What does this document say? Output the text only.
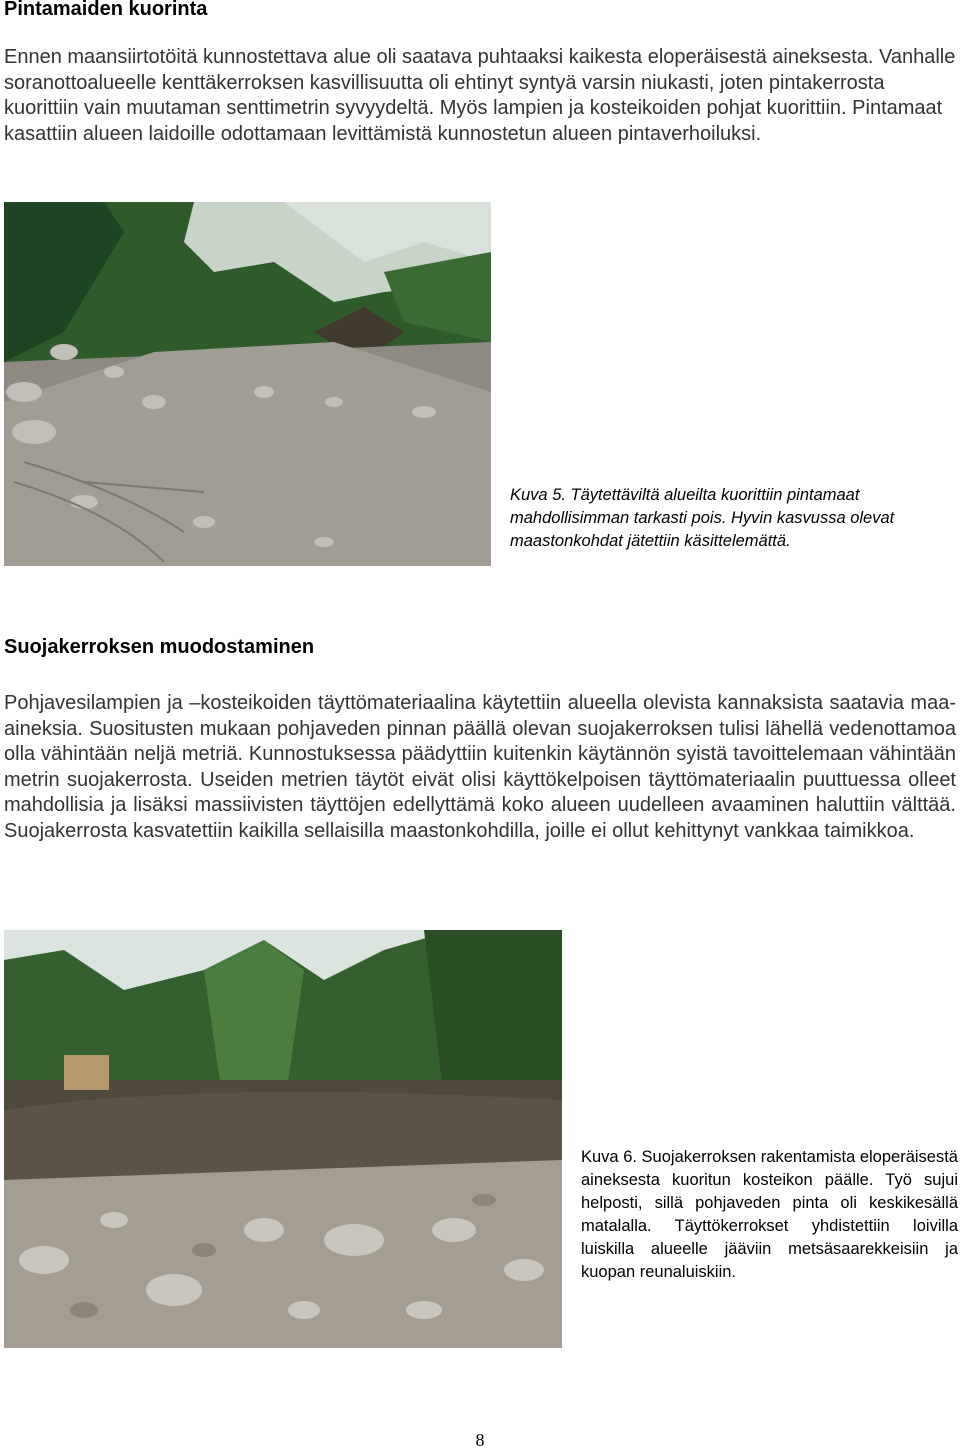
Pintamaiden kuorinta

Ennen maansiirtotöitä kunnostettava alue oli saatava puhtaaksi kaikesta eloperäisestä aineksesta. Vanhalle soranottoalueelle kenttäkerroksen kasvillisuutta oli ehtinyt syntyä varsin niukasti, joten pintakerrosta kuorittiin vain muutaman senttimetrin syvyydeltä. Myös lampien ja kosteikoiden pohjat kuorittiin. Pintamaat kasattiin alueen laidoille odottamaan levittämistä kunnostetun alueen pintaverhoiluksi.

Kuva 5. Täytettäviltä alueilta kuorittiin pintamaat mahdollisimman tarkasti pois. Hyvin kasvussa olevat maastonkohdat jätettiin käsittelemättä.

Suojakerroksen muodostaminen

Pohjavesilampien ja –kosteikoiden täyttömateriaalina käytettiin alueella olevista kannaksista saatavia maa-aineksia. Suositusten mukaan pohjaveden pinnan päällä olevan suojakerroksen tulisi lähellä vedenottamoa olla vähintään neljä metriä. Kunnostuksessa päädyttiin kuitenkin käytännön syistä tavoittelemaan vähintään metrin suojakerrosta. Useiden metrien täytöt eivät olisi käyttökelpoisen täyttömateriaalin puuttuessa olleet mahdollisia ja lisäksi massiivisten täyttöjen edellyttämä koko alueen uudelleen avaaminen haluttiin välttää. Suojakerrosta kasvatettiin kaikilla sellaisilla maastonkohdilla, joille ei ollut kehittynyt vankkaa taimikkoa.

Kuva 6. Suojakerroksen rakentamista eloperäisestä aineksesta kuoritun kosteikon päälle. Työ sujui helposti, sillä pohjaveden pinta oli keskikesällä matalalla. Täyttökerrokset yhdistettiin loivilla luiskilla alueelle jääviin metsäsaarekkeisiin ja kuopan reunaluiskiin.

8
